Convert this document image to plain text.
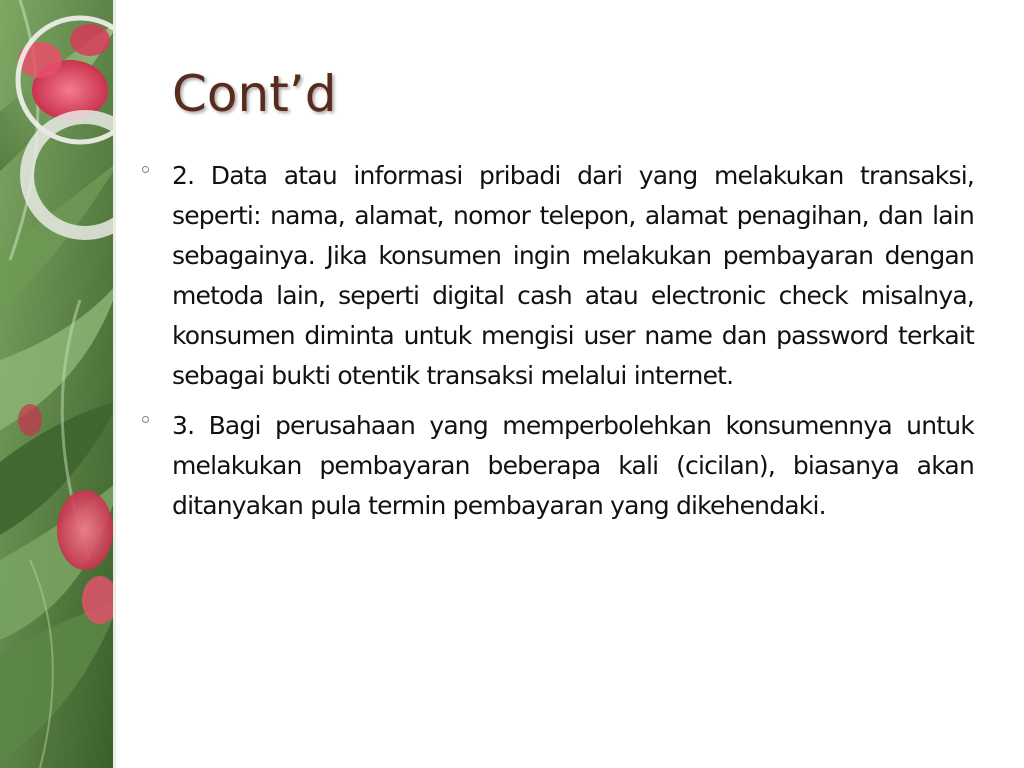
Cont’d

2. Data atau informasi pribadi dari yang melakukan transaksi, seperti: nama, alamat, nomor telepon, alamat penagihan, dan lain sebagainya. Jika konsumen ingin melakukan pembayaran dengan metoda lain, seperti digital cash atau electronic check misalnya, konsumen diminta untuk mengisi user name dan password terkait sebagai bukti otentik transaksi melalui internet.

3. Bagi perusahaan yang memperbolehkan konsumennya untuk melakukan pembayaran beberapa kali (cicilan), biasanya akan ditanyakan pula termin pembayaran yang dikehendaki.
